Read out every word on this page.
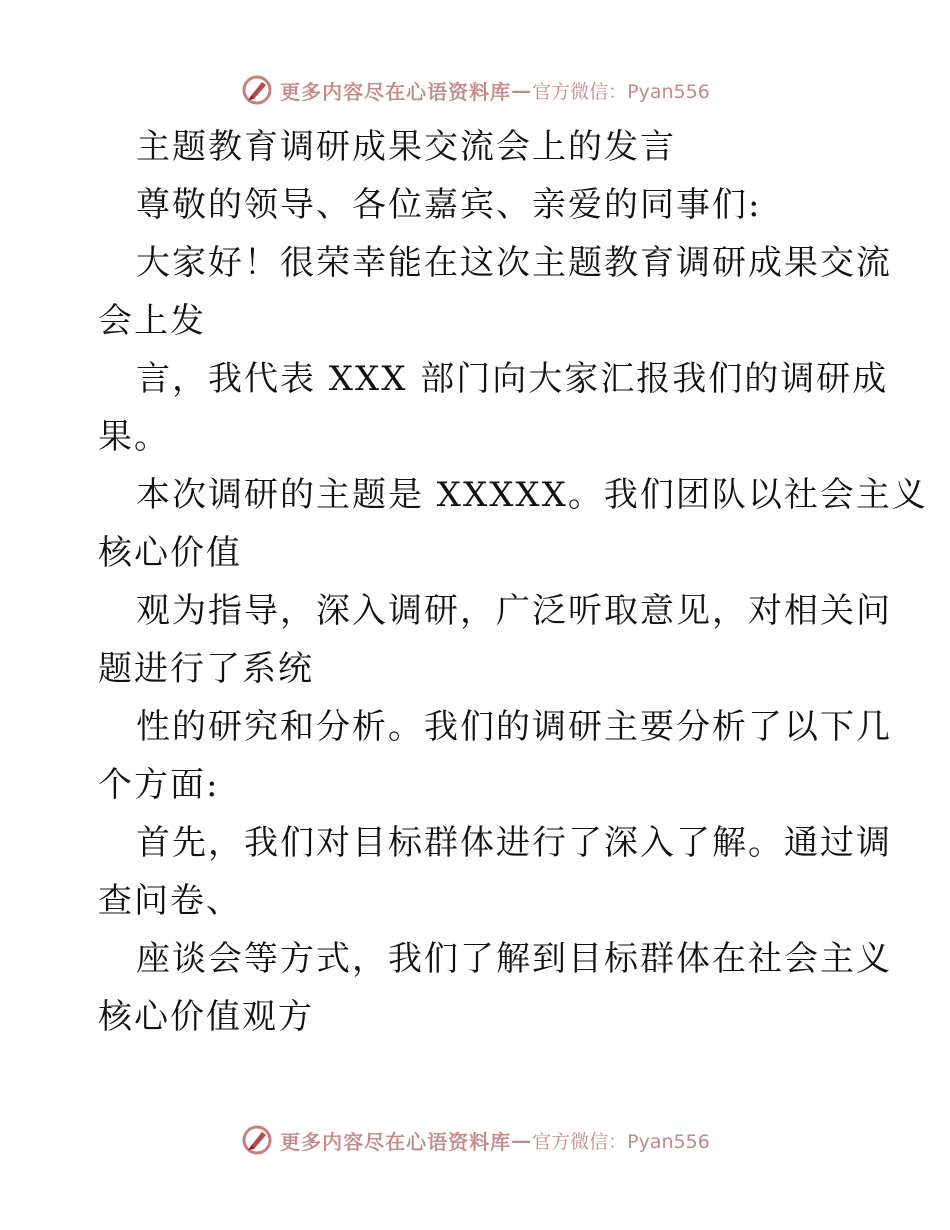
更多内容尽在心语资料库 — 官方微信：Pyan556
主题教育调研成果交流会上的发言
尊敬的领导、各位嘉宾、亲爱的同事们:
大家好！很荣幸能在这次主题教育调研成果交流
会上发
言，我代表 XXX 部门向大家汇报我们的调研成
果。
本次调研的主题是 XXXXX。我们团队以社会主义
核心价值
观为指导，深入调研，广泛听取意见，对相关问
题进行了系统
性的研究和分析。我们的调研主要分析了以下几
个方面:
首先，我们对目标群体进行了深入了解。通过调
查问卷、
座谈会等方式，我们了解到目标群体在社会主义
核心价值观方
更多内容尽在心语资料库 — 官方微信：Pyan556
